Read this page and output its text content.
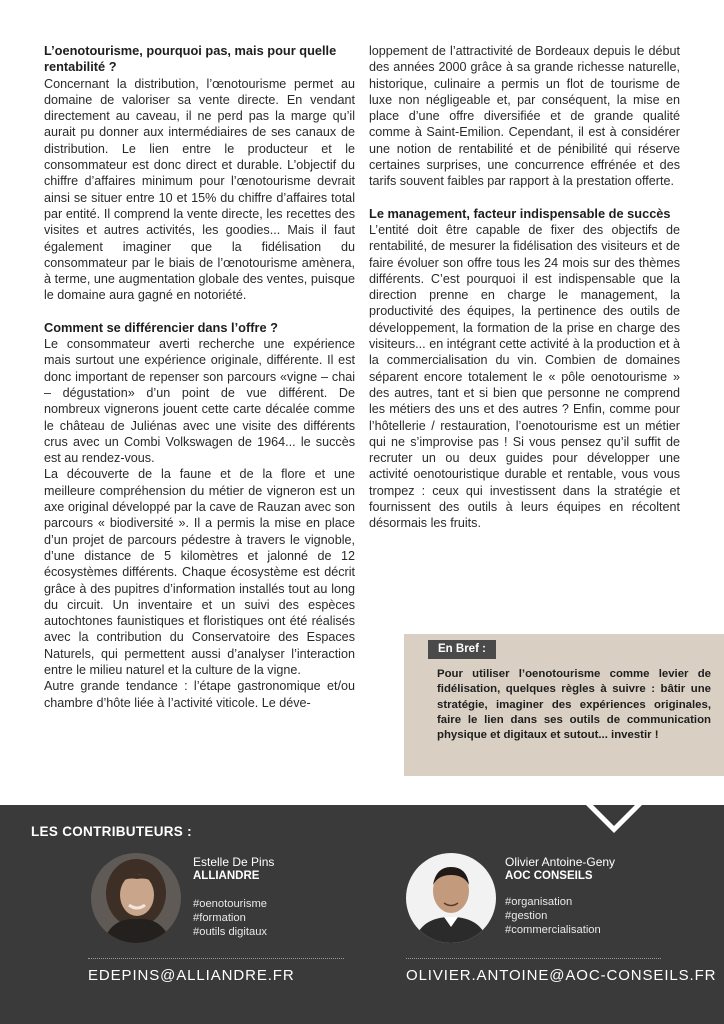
L’oenotourisme, pourquoi pas, mais pour quelle rentabilité ?

Concernant la distribution, l’œnotourisme permet au domaine de valoriser sa vente directe. En vendant directement au caveau, il ne perd pas la marge qu’il aurait pu donner aux intermédiaires de ses canaux de distribution. Le lien entre le producteur et le consommateur est donc direct et durable. L’objectif du chiffre d’affaires minimum pour l’œnotourisme devrait ainsi se situer entre 10 et 15% du chiffre d’affaires total par entité. Il comprend la vente directe, les recettes des visites et autres activités, les goodies... Mais il faut également imaginer que la fidélisation du consommateur par le biais de l’œnotourisme amènera, à terme, une augmentation globale des ventes, puisque le domaine aura gagné en notoriété.

Comment se différencier dans l’offre ?

Le consommateur averti recherche une expérience mais surtout une expérience originale, différente. Il est donc important de repenser son parcours «vigne – chai – dégustation» d’un point de vue différent. De nombreux vignerons jouent cette carte décalée comme le château de Juliénas avec une visite des différents crus avec un Combi Volkswagen de 1964... le succès est au rendez-vous.

La découverte de la faune et de la flore et une meilleure compréhension du métier de vigneron est un axe original développé par la cave de Rauzan avec son parcours « biodiversité ». Il a permis la mise en place d’un projet de parcours pédestre à travers le vignoble, d’une distance de 5 kilomètres et jalonné de 12 écosystèmes différents. Chaque écosystème est décrit grâce à des pupitres d’information installés tout au long du circuit. Un inventaire et un suivi des espèces autochtones faunistiques et floristiques ont été réalisés avec la contribution du Conservatoire des Espaces Naturels, qui permettent aussi d’analyser l’interaction entre le milieu naturel et la culture de la vigne.

Autre grande tendance : l’étape gastronomique et/ou chambre d’hôte liée à l’activité viticole. Le déve-

loppement de l’attractivité de Bordeaux depuis le début des années 2000 grâce à sa grande richesse naturelle, historique, culinaire a permis un flot de tourisme de luxe non négligeable et, par conséquent, la mise en place d’une offre diversifiée et de grande qualité comme à Saint-Emilion. Cependant, il est à considérer une notion de rentabilité et de pénibilité qui réserve certaines surprises, une concurrence effrénée et des tarifs souvent faibles par rapport à la prestation offerte.

Le management, facteur indispensable de succès

L’entité doit être capable de fixer des objectifs de rentabilité, de mesurer la fidélisation des visiteurs et de faire évoluer son offre tous les 24 mois sur des thèmes différents. C’est pourquoi il est indispensable que la direction prenne en charge le management, la productivité des équipes, la pertinence des outils de développement, la formation de la prise en charge des visiteurs... en intégrant cette activité à la production et à la commercialisation du vin. Combien de domaines séparent encore totalement le « pôle oenotourisme » des autres, tant et si bien que personne ne comprend les métiers des uns et des autres ? Enfin, comme pour l’hôtellerie / restauration, l’oenotourisme est un métier qui ne s’improvise pas ! Si vous pensez qu’il suffit de recruter un ou deux guides pour développer une activité oenotouristique durable et rentable, vous vous trompez : ceux qui investissent dans la stratégie et fournissent des outils à leurs équipes en récoltent désormais les fruits.

En Bref :
Pour utiliser l’oenotourisme comme levier de fidélisation, quelques règles à suivre : bâtir une stratégie, imaginer des expériences originales, faire le lien dans ses outils de communication physique et digitaux et sutout... investir !
LES CONTRIBUTEURS :
Estelle De Pins
ALLIANDRE
#oenotourisme
#formation
#outils digitaux
EDEPINS@ALLIANDRE.FR
Olivier Antoine-Geny
AOC CONSEILS
#organisation
#gestion
#commercialisation
OLIVIER.ANTOINE@AOC-CONSEILS.FR
